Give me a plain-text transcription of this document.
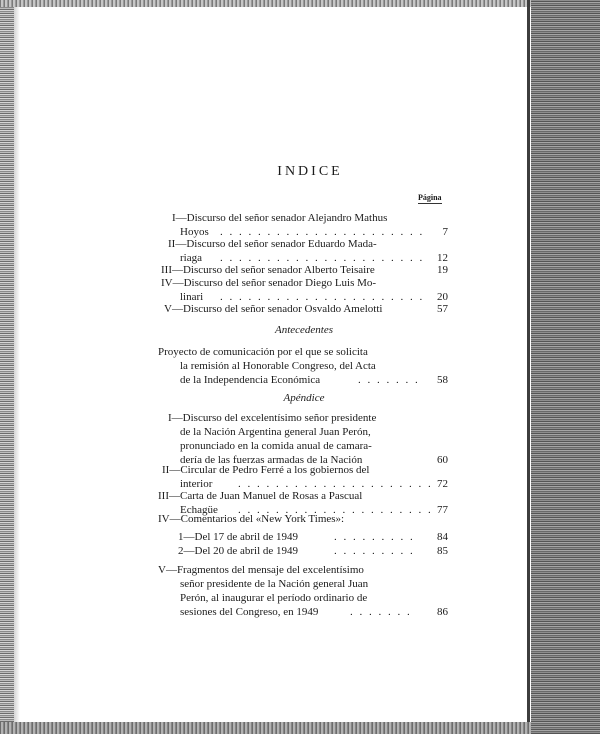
INDICE
Página
I—Discurso del señor senador Alejandro Mathus
Hoyos . . . . . . . . . . . . . . . . . . . . . . 7
II—Discurso del señor senador Eduardo Mada-
riaga . . . . . . . . . . . . . . . . . . . . . . 12
III—Discurso del señor senador Alberto Teisaire	19
IV—Discurso del señor senador Diego Luis Mo-
linari . . . . . . . . . . . . . . . . . . . . . . 20
V—Discurso del señor senador Osvaldo Amelotti	57
Antecedentes
Proyecto de comunicación por el que se solicita
la remisión al Honorable Congreso, del Acta
de la Independencia Económica	. . . . . . . 58
Apéndice
I—Discurso del excelentísimo señor presidente
de la Nación Argentina general Juan Perón,
pronunciado en la comida anual de camara-
dería de las fuerzas armadas de la Nación	60
II—Circular de Pedro Ferré a los gobiernos del
interior . . . . . . . . . . . . . . . . . . . . . 72
III—Carta de Juan Manuel de Rosas a Pascual
Echagüe . . . . . . . . . . . . . . . . . . . . . 77
IV—Comentarios del «New York Times»:
1—Del 17 de abril de 1949	. . . . . . . . . 84
2—Del 20 de abril de 1949	. . . . . . . . . 85
V—Fragmentos del mensaje del excelentísimo
señor presidente de la Nación general Juan
Perón, al inaugurar el período ordinario de
sesiones del Congreso, en 1949	. . . . . . . 86
